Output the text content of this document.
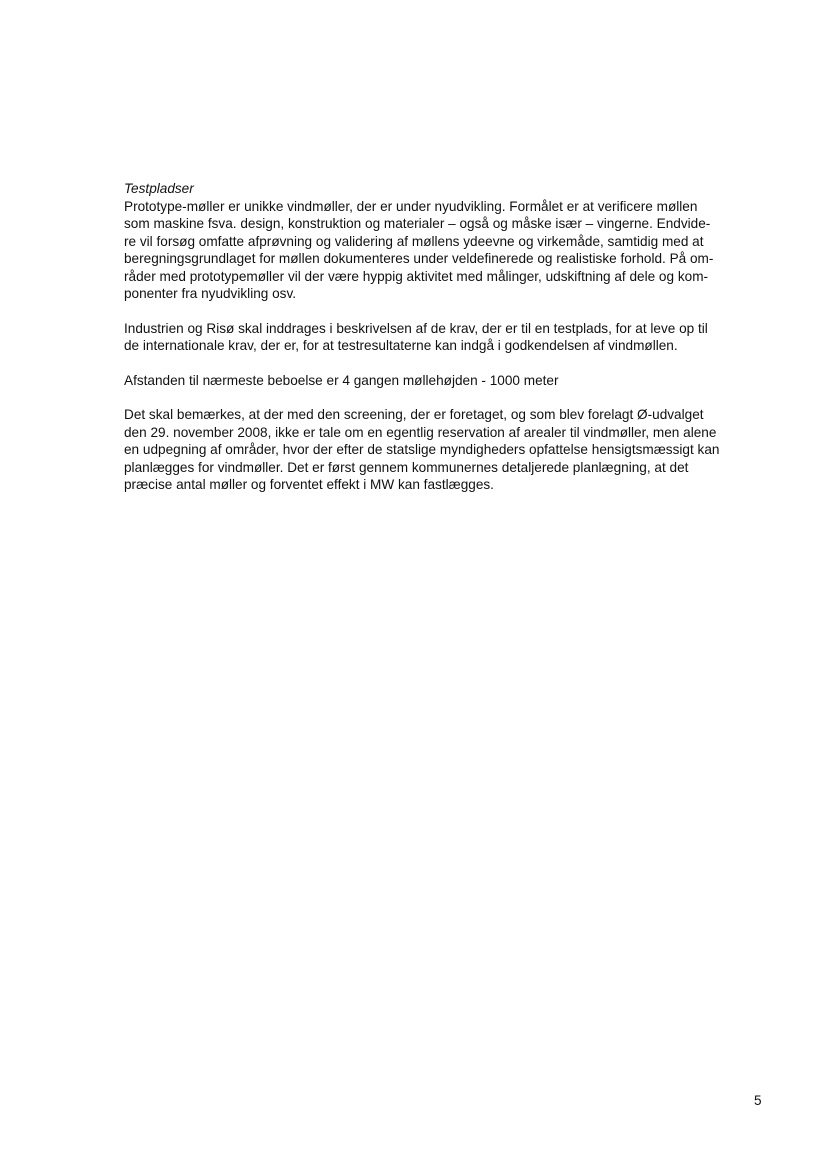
Testpladser

Prototype-møller er unikke vindmøller, der er under nyudvikling. Formålet er at verificere møllen
som maskine fsva. design, konstruktion og materialer – også og måske især – vingerne. Endvide-
re vil forsøg omfatte afprøvning og validering af møllens ydeevne og virkemåde, samtidig med at
beregningsgrundlaget for møllen dokumenteres under veldefinerede og realistiske forhold. På om-
råder med prototypemøller vil der være hyppig aktivitet med målinger, udskiftning af dele og kom-
ponenter fra nyudvikling osv.

Industrien og Risø skal inddrages i beskrivelsen af de krav, der er til en testplads, for at leve op til
de internationale krav, der er, for at testresultaterne kan indgå i godkendelsen af vindmøllen.

Afstanden til nærmeste beboelse er 4 gangen møllehøjden - 1000 meter

Det skal bemærkes, at der med den screening, der er foretaget, og som blev forelagt Ø-udvalget
den 29. november 2008, ikke er tale om en egentlig reservation af arealer til vindmøller, men alene
en udpegning af områder, hvor der efter de statslige myndigheders opfattelse hensigtsmæssigt kan
planlægges for vindmøller. Det er først gennem kommunernes detaljerede planlægning, at det
præcise antal møller og forventet effekt i MW kan fastlægges.

5
